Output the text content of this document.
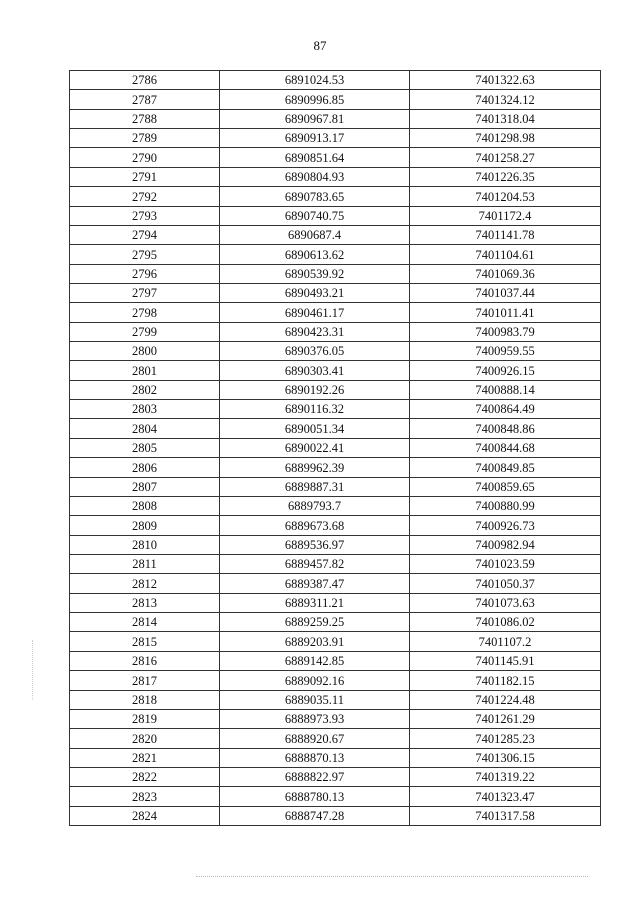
87
2786	6891024.53	7401322.63
2787	6890996.85	7401324.12
2788	6890967.81	7401318.04
2789	6890913.17	7401298.98
2790	6890851.64	7401258.27
2791	6890804.93	7401226.35
2792	6890783.65	7401204.53
2793	6890740.75	7401172.4
2794	6890687.4	7401141.78
2795	6890613.62	7401104.61
2796	6890539.92	7401069.36
2797	6890493.21	7401037.44
2798	6890461.17	7401011.41
2799	6890423.31	7400983.79
2800	6890376.05	7400959.55
2801	6890303.41	7400926.15
2802	6890192.26	7400888.14
2803	6890116.32	7400864.49
2804	6890051.34	7400848.86
2805	6890022.41	7400844.68
2806	6889962.39	7400849.85
2807	6889887.31	7400859.65
2808	6889793.7	7400880.99
2809	6889673.68	7400926.73
2810	6889536.97	7400982.94
2811	6889457.82	7401023.59
2812	6889387.47	7401050.37
2813	6889311.21	7401073.63
2814	6889259.25	7401086.02
2815	6889203.91	7401107.2
2816	6889142.85	7401145.91
2817	6889092.16	7401182.15
2818	6889035.11	7401224.48
2819	6888973.93	7401261.29
2820	6888920.67	7401285.23
2821	6888870.13	7401306.15
2822	6888822.97	7401319.22
2823	6888780.13	7401323.47
2824	6888747.28	7401317.58
